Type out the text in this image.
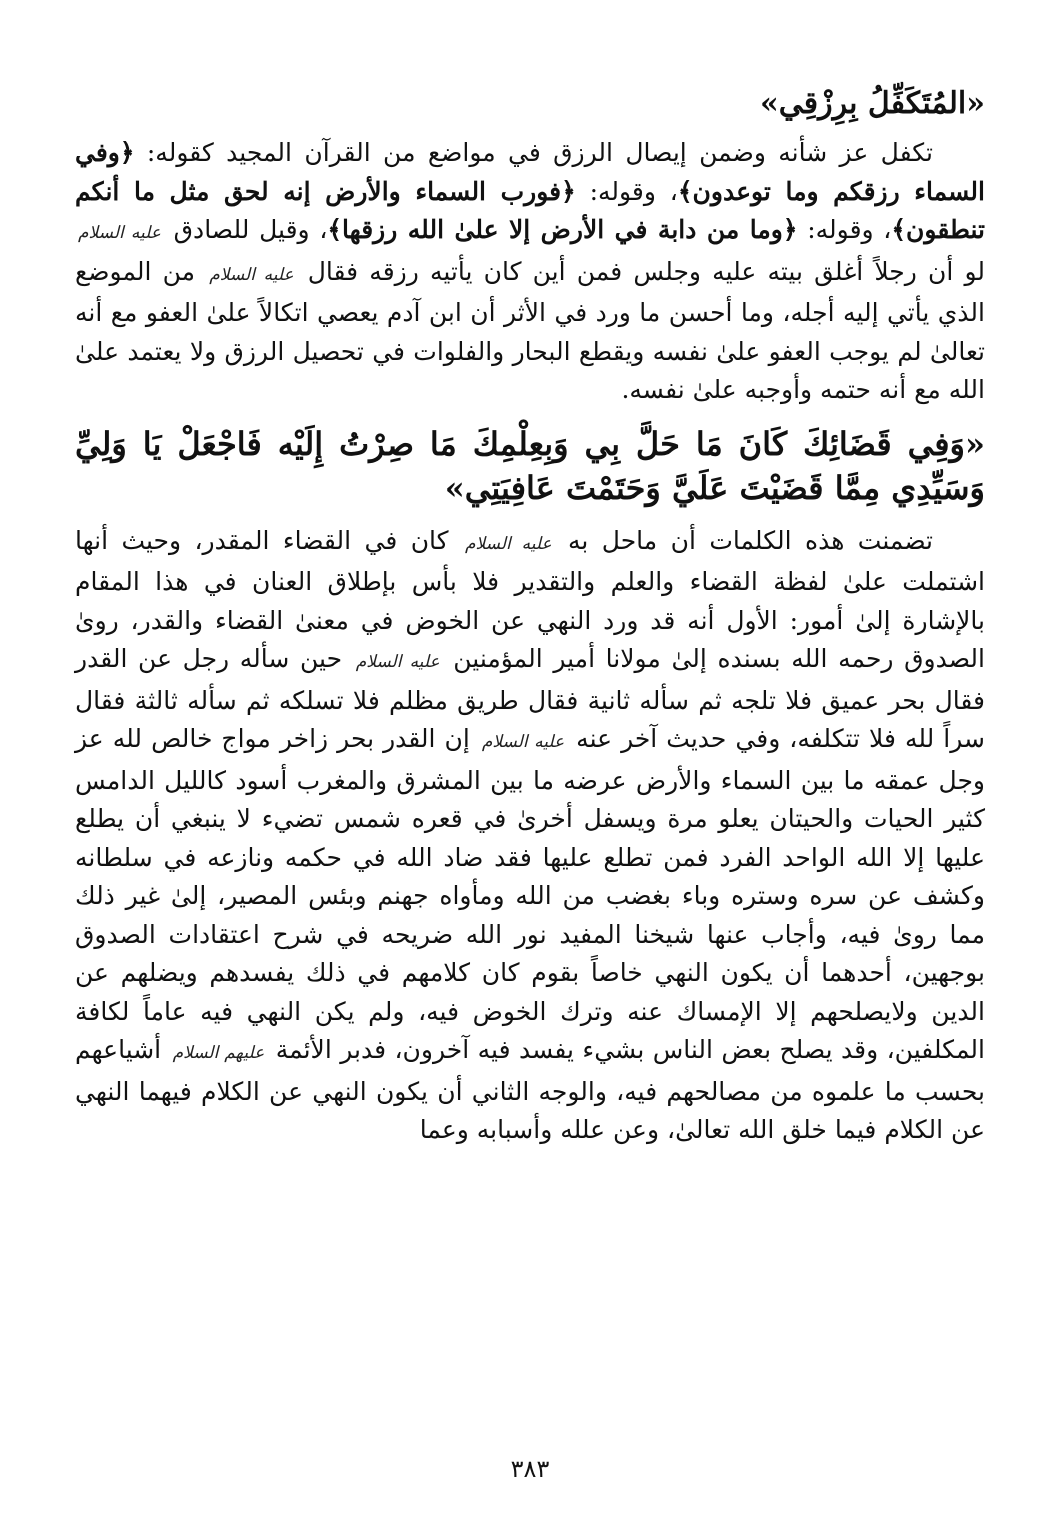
«المُتَكَفِّلُ بِرِزْقِي»

تكفل عز شأنه وضمن إيصال الرزق في مواضع من القرآن المجيد كقوله: ﴿وفي السماء رزقكم وما توعدون﴾، وقوله: ﴿فورب السماء والأرض إنه لحق مثل ما أنكم تنطقون﴾، وقوله: ﴿وما من دابة في الأرض إلا علىٰ الله رزقها﴾، وقيل للصادق عليه السلام لو أن رجلاً أغلق بيته عليه وجلس فمن أين كان يأتيه رزقه فقال عليه السلام من الموضع الذي يأتي إليه أجله، وما أحسن ما ورد في الأثر أن ابن آدم يعصي اتكالاً علىٰ العفو مع أنه تعالىٰ لم يوجب العفو علىٰ نفسه ويقطع البحار والفلوات في تحصيل الرزق ولا يعتمد علىٰ الله مع أنه حتمه وأوجبه علىٰ نفسه.

«وَفِي قَضَائِكَ كَانَ مَا حَلَّ بِي وَبِعِلْمِكَ مَا صِرْتُ إِلَيْه فَاجْعَلْ يَا وَلِيِّ وَسَيِّدِي مِمَّا قَضَيْتَ عَلَيَّ وَحَتَمْتَ عَافِيَتِي»

تضمنت هذه الكلمات أن ماحل به عليه السلام كان في القضاء المقدر، وحيث أنها اشتملت علىٰ لفظة القضاء والعلم والتقدير فلا بأس بإطلاق العنان في هذا المقام بالإشارة إلىٰ أمور: الأول أنه قد ورد النهي عن الخوض في معنىٰ القضاء والقدر، روىٰ الصدوق رحمه الله بسنده إلىٰ مولانا أمير المؤمنين عليه السلام حين سأله رجل عن القدر فقال بحر عميق فلا تلجه ثم سأله ثانية فقال طريق مظلم فلا تسلكه ثم سأله ثالثة فقال سراً لله فلا تتكلفه، وفي حديث آخر عنه عليه السلام إن القدر بحر زاخر مواج خالص لله عز وجل عمقه ما بين السماء والأرض عرضه ما بين المشرق والمغرب أسود كالليل الدامس كثير الحيات والحيتان يعلو مرة ويسفل أخرىٰ في قعره شمس تضيء لا ينبغي أن يطلع عليها إلا الله الواحد الفرد فمن تطلع عليها فقد ضاد الله في حكمه ونازعه في سلطانه وكشف عن سره وستره وباء بغضب من الله ومأواه جهنم وبئس المصير، إلىٰ غير ذلك مما روىٰ فيه، وأجاب عنها شيخنا المفيد نور الله ضريحه في شرح اعتقادات الصدوق بوجهين، أحدهما أن يكون النهي خاصاً بقوم كان كلامهم في ذلك يفسدهم ويضلهم عن الدين ولايصلحهم إلا الإمساك عنه وترك الخوض فيه، ولم يكن النهي فيه عاماً لكافة المكلفين، وقد يصلح بعض الناس بشيء يفسد فيه آخرون، فدبر الأئمة عليهم السلام أشياعهم بحسب ما علموه من مصالحهم فيه، والوجه الثاني أن يكون النهي عن الكلام فيهما النهي عن الكلام فيما خلق الله تعالىٰ، وعن علله وأسبابه وعما

٣٨٣
